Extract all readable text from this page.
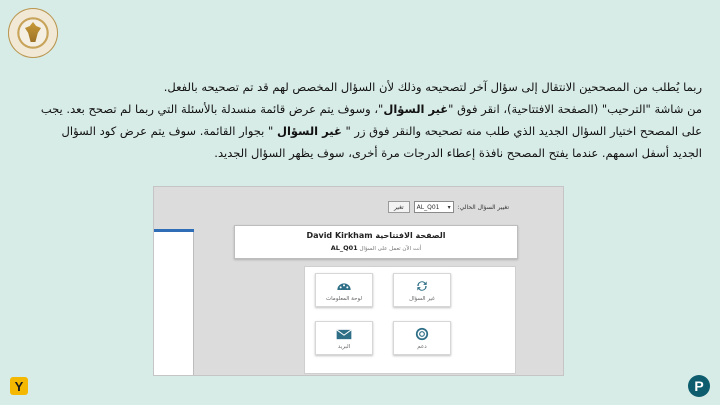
ربما يُطلب من المصححين الانتقال إلى سؤال آخر لتصحيحه وذلك لأن السؤال المخصص لهم قد تم تصحيحه بالفعل.

من شاشة "الترحيب" (الصفحة الافتتاحية)، انقر فوق "غير السؤال"، وسوف يتم عرض قائمة منسدلة بالأسئلة التي ربما لم تصحح بعد. يجب

على المصحح اختيار السؤال الجديد الذي طلب منه تصحيحه والنقر فوق زر " غير السؤال " بجوار القائمة. سوف يتم عرض كود السؤال

الجديد أسفل اسمهم. عندما يفتح المصحح نافذة إعطاء الدرجات مرة أخرى، سوف يظهر السؤال الجديد.

تغيير السؤال الحالي:
AL_Q01 ▾
تغير
الصفحة الافتتاحية David Kirkham
أنت الآن تعمل على السؤال AL_Q01
غير السؤال
لوحة المعلومات
دعم
البريد
Y	P
